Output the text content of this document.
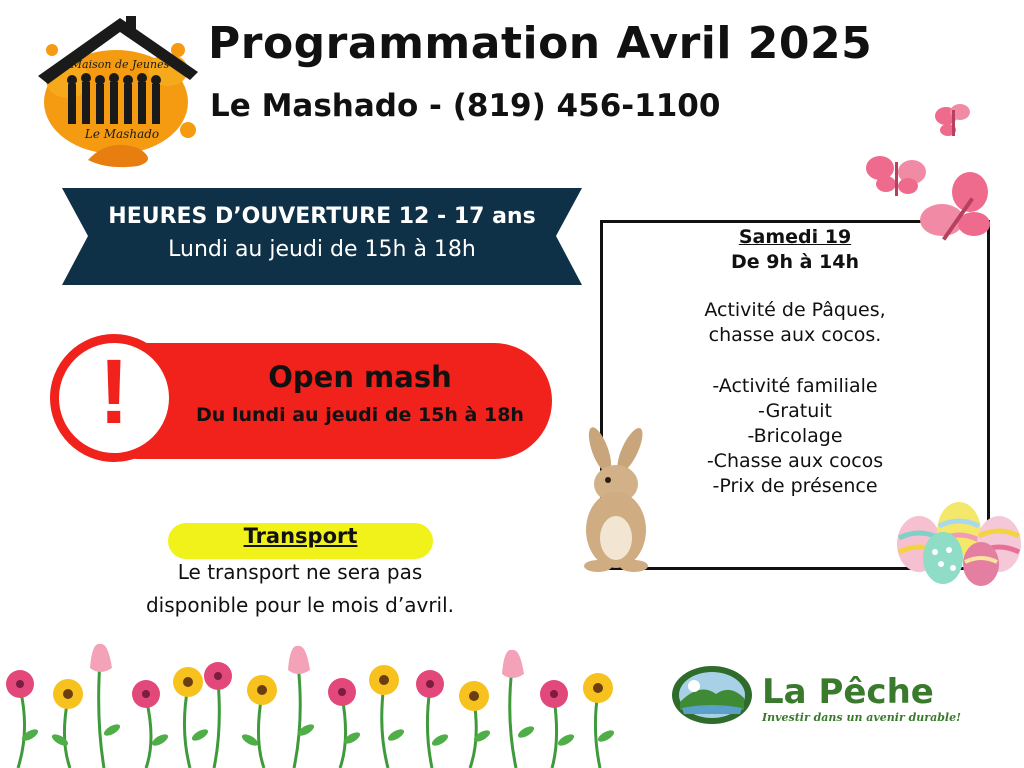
Maison de Jeunes
Le Mashado
Programmation Avril 2025
Le Mashado - (819) 456-1100
HEURES D’OUVERTURE 12 - 17 ans
Lundi au jeudi de 15h à 18h
!	Open mash
Du lundi au jeudi de 15h à 18h
Transport
Le transport ne sera pas
disponible pour le mois d’avril.
Samedi 19
De 9h à 14h
Activité de Pâques,
chasse aux cocos.
-Activité familiale
-Gratuit
-Bricolage
-Chasse aux cocos
-Prix de présence
La Pêche
Investir dans un avenir durable!
